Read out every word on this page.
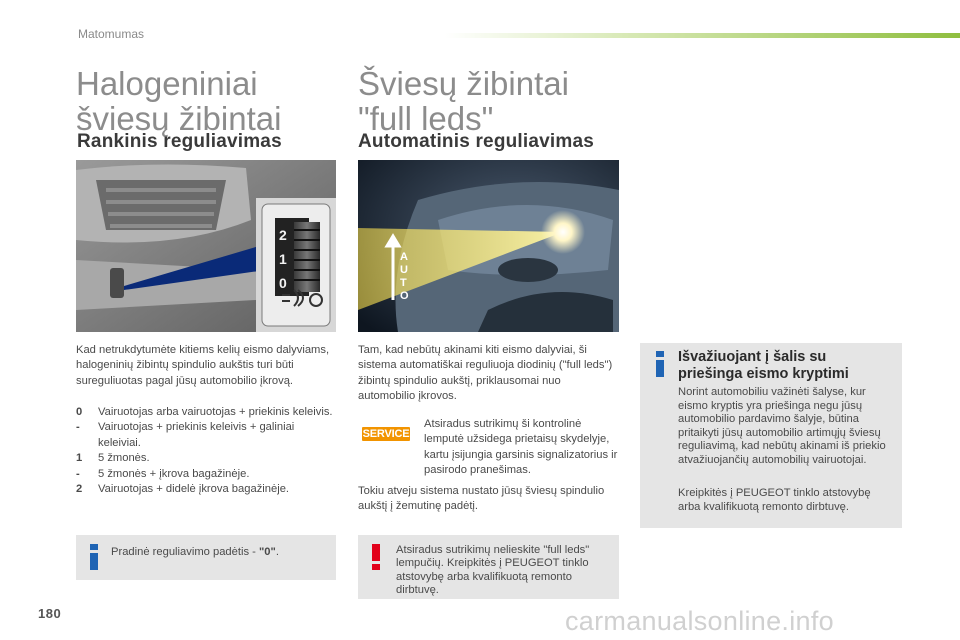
Matomumas
Halogeniniai šviesų žibintai
Rankinis reguliavimas
2
1
0
Kad netrukdytumėte kitiems kelių eismo dalyviams, halogeninių žibintų spindulio aukštis turi būti sureguliuotas pagal jūsų automobilio įkrovą.
0	Vairuotojas arba vairuotojas + priekinis keleivis.
-	Vairuotojas + priekinis keleivis + galiniai keleiviai.
1	5 žmonės.
-	5 žmonės + įkrova bagažinėje.
2	Vairuotojas + didelė įkrova bagažinėje.
Pradinė reguliavimo padėtis - "0".
Šviesų žibintai "full leds"
Automatinis reguliavimas
A
U
T
O
Tam, kad nebūtų akinami kiti eismo dalyviai, ši sistema automatiškai reguliuoja diodinių ("full leds") žibintų spindulio aukštį, priklausomai nuo automobilio įkrovos.
SERVICE
Atsiradus sutrikimų ši kontrolinė lemputė užsidega prietaisų skydelyje, kartu įsijungia garsinis signalizatorius ir pasirodo pranešimas.
Tokiu atveju sistema nustato jūsų šviesų spindulio aukštį į žemutinę padėtį.
Atsiradus sutrikimų nelieskite "full leds" lempučių. Kreipkitės į PEUGEOT tinklo atstovybę arba kvalifikuotą remonto dirbtuvę.
Išvažiuojant į šalis su priešinga eismo kryptimi
Norint automobiliu važinėti šalyse, kur eismo kryptis yra priešinga negu jūsų automobilio pardavimo šalyje, būtina pritaikyti jūsų automobilio artimųjų šviesų reguliavimą, kad nebūtų akinami iš priekio atvažiuojančių automobilių vairuotojai.
Kreipkitės į PEUGEOT tinklo atstovybę arba kvalifikuotą remonto dirbtuvę.
180	carmanualsonline.info
